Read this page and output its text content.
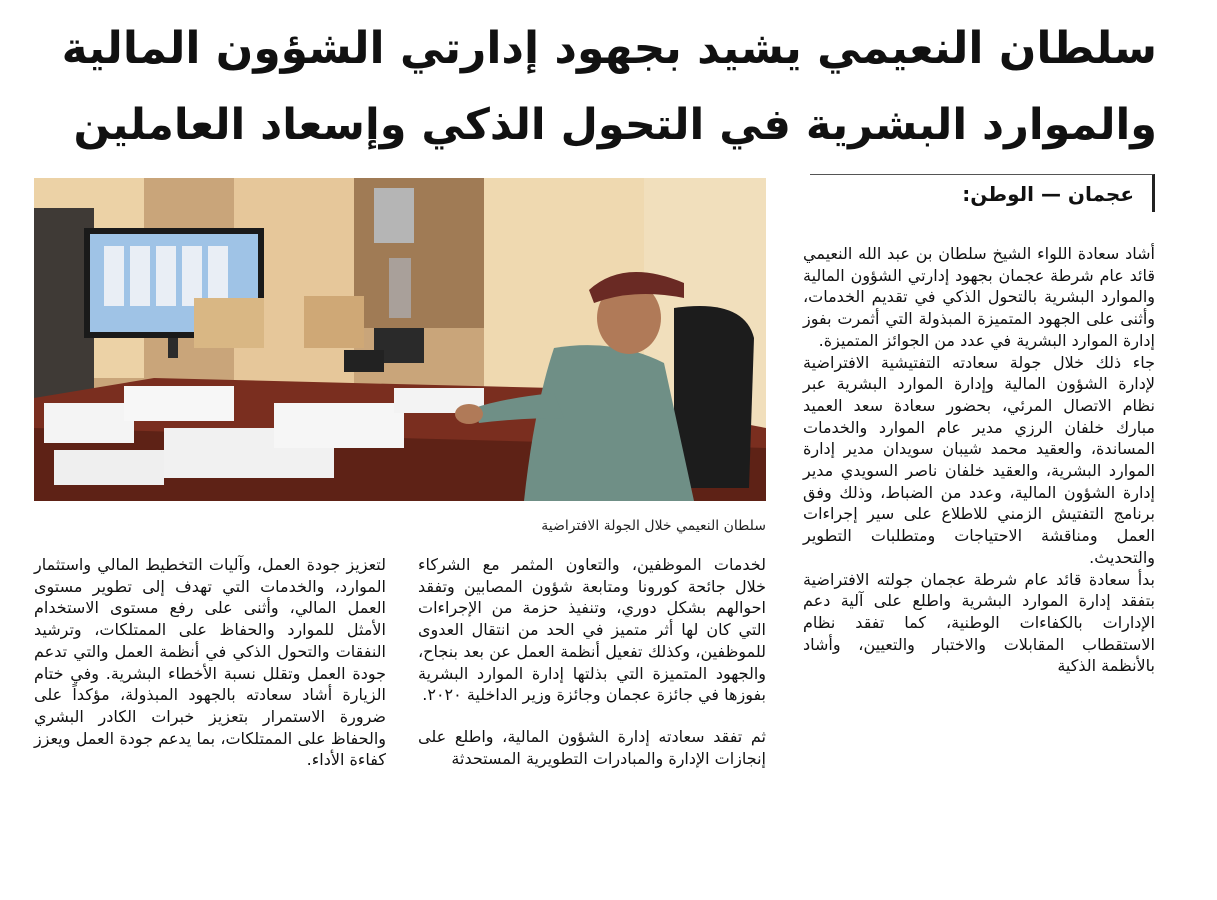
سلطان النعيمي يشيد بجهود إدارتي الشؤون المالية
والموارد البشرية في التحول الذكي وإسعاد العاملين
عجمان — الوطن:
سلطان النعيمي خلال الجولة الافتراضية

أشاد سعادة اللواء الشيخ سلطان بن عبد الله النعيمي قائد عام شرطة عجمان بجهود إدارتي الشؤون المالية والموارد البشرية بالتحول الذكي في تقديم الخدمات، وأثنى على الجهود المتميزة المبذولة التي أثمرت بفوز إدارة الموارد البشرية في عدد من الجوائز المتميزة.

جاء ذلك خلال جولة سعادته التفتيشية الافتراضية لإدارة الشؤون المالية وإدارة الموارد البشرية عبر نظام الاتصال المرئي، بحضور سعادة سعد العميد مبارك خلفان الرزي مدير عام الموارد والخدمات المساندة، والعقيد محمد شيبان سويدان مدير إدارة الموارد البشرية، والعقيد خلفان ناصر السويدي مدير إدارة الشؤون المالية، وعدد من الضباط، وذلك وفق برنامج التفتيش الزمني للاطلاع على سير إجراءات العمل ومناقشة الاحتياجات ومتطلبات التطوير والتحديث.

بدأ سعادة قائد عام شرطة عجمان جولته الافتراضية بتفقد إدارة الموارد البشرية واطلع على آلية دعم الإدارات بالكفاءات الوطنية، كما تفقد نظام الاستقطاب المقابلات والاختبار والتعيين، وأشاد بالأنظمة الذكية

لخدمات الموظفين، والتعاون المثمر مع الشركاء خلال جائحة كورونا ومتابعة شؤون المصابين وتفقد احوالهم بشكل دوري، وتنفيذ حزمة من الإجراءات التي كان لها أثر متميز في الحد من انتقال العدوى للموظفين، وكذلك تفعيل أنظمة العمل عن بعد بنجاح، والجهود المتميزة التي بذلتها إدارة الموارد البشرية بفوزها في جائزة عجمان وجائزة وزير الداخلية ٢٠٢٠.

ثم تفقد سعادته إدارة الشؤون المالية، واطلع على إنجازات الإدارة والمبادرات التطويرية المستحدثة

لتعزيز جودة العمل، وآليات التخطيط المالي واستثمار الموارد، والخدمات التي تهدف إلى تطوير مستوى العمل المالي، وأثنى على رفع مستوى الاستخدام الأمثل للموارد والحفاظ على الممتلكات، وترشيد النفقات والتحول الذكي في أنظمة العمل والتي تدعم جودة العمل وتقلل نسبة الأخطاء البشرية. وفي ختام الزيارة أشاد سعادته بالجهود المبذولة، مؤكداً على ضرورة الاستمرار بتعزيز خبرات الكادر البشري والحفاظ على الممتلكات، بما يدعم جودة العمل ويعزز كفاءة الأداء.
